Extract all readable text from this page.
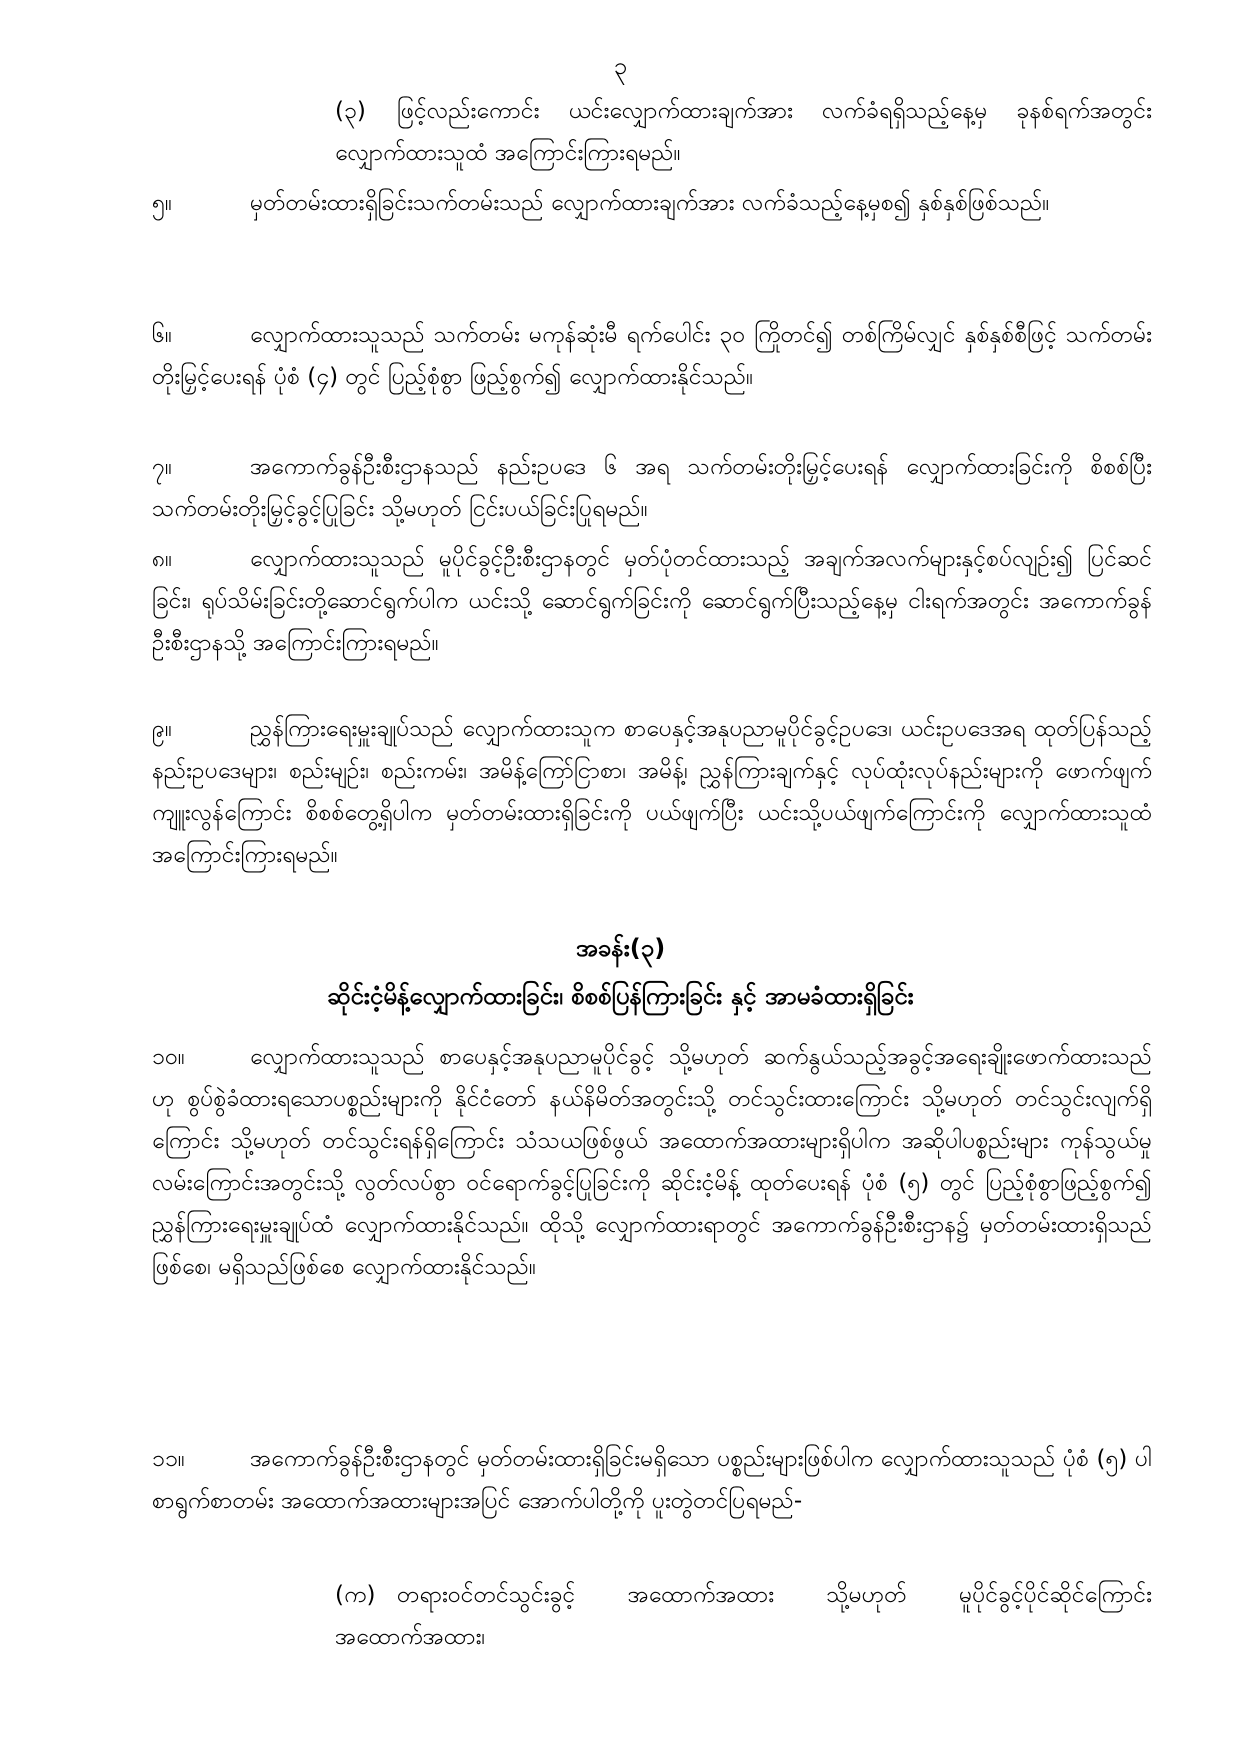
၃
(၃) ဖြင့်လည်းကောင်း ယင်းလျှောက်ထားချက်အား လက်ခံရရှိသည့်နေ့မှ ခုနစ်ရက်အတွင်း လျှောက်ထားသူထံ အကြောင်းကြားရမည်။
၅။	မှတ်တမ်းထားရှိခြင်းသက်တမ်းသည် လျှောက်ထားချက်အား လက်ခံသည့်နေ့မှစ၍ နှစ်နှစ်ဖြစ်သည်။
၆။	လျှောက်ထားသူသည် သက်တမ်း မကုန်ဆုံးမီ ရက်ပေါင်း ၃၀ ကြိုတင်၍ တစ်ကြိမ်လျှင် နှစ်နှစ်စီဖြင့် သက်တမ်းတိုးမြှင့်ပေးရန် ပုံစံ (၄) တွင် ပြည့်စုံစွာ ဖြည့်စွက်၍ လျှောက်ထားနိုင်သည်။
၇။	အကောက်ခွန်ဦးစီးဌာနသည် နည်းဥပဒေ ၆ အရ သက်တမ်းတိုးမြှင့်ပေးရန် လျှောက်ထားခြင်းကို စိစစ်ပြီး သက်တမ်းတိုးမြှင့်ခွင့်ပြုခြင်း သို့မဟုတ် ငြင်းပယ်ခြင်းပြုရမည်။
၈။	လျှောက်ထားသူသည် မူပိုင်ခွင့်ဦးစီးဌာနတွင် မှတ်ပုံတင်ထားသည့် အချက်အလက်များနှင့်စပ်လျဉ်း၍ ပြင်ဆင်ခြင်း၊ ရုပ်သိမ်းခြင်းတို့ဆောင်ရွက်ပါက ယင်းသို့ ဆောင်ရွက်ခြင်းကို ဆောင်ရွက်ပြီးသည့်နေ့မှ ငါးရက်အတွင်း အကောက်ခွန်ဦးစီးဌာနသို့ အကြောင်းကြားရမည်။
၉။	ညွှန်ကြားရေးမှူးချုပ်သည် လျှောက်ထားသူက စာပေနှင့်အနုပညာမူပိုင်ခွင့်ဥပဒေ၊ ယင်းဥပဒေအရ ထုတ်ပြန်သည့် နည်းဥပဒေများ၊ စည်းမျဉ်း၊ စည်းကမ်း၊ အမိန့်ကြော်ငြာစာ၊ အမိန့်၊ ညွှန်ကြားချက်နှင့် လုပ်ထုံးလုပ်နည်းများကို ဖောက်ဖျက်ကျူးလွန်ကြောင်း စိစစ်တွေ့ရှိပါက မှတ်တမ်းထားရှိခြင်းကို ပယ်ဖျက်ပြီး ယင်းသို့ပယ်ဖျက်ကြောင်းကို လျှောက်ထားသူထံ အကြောင်းကြားရမည်။
အခန်း(၃)
ဆိုင်းငံ့မိန့်လျှောက်ထားခြင်း၊ စိစစ်ပြန်ကြားခြင်း နှင့် အာမခံထားရှိခြင်း
၁၀။	လျှောက်ထားသူသည် စာပေနှင့်အနုပညာမူပိုင်ခွင့် သို့မဟုတ် ဆက်နွယ်သည့်အခွင့်အရေးချိုးဖောက်ထားသည်ဟု စွပ်စွဲခံထားရသောပစ္စည်းများကို နိုင်ငံတော် နယ်နိမိတ်အတွင်းသို့ တင်သွင်းထားကြောင်း သို့မဟုတ် တင်သွင်းလျက်ရှိကြောင်း သို့မဟုတ် တင်သွင်းရန်ရှိကြောင်း သံသယဖြစ်ဖွယ် အထောက်အထားများရှိပါက အဆိုပါပစ္စည်းများ ကုန်သွယ်မှုလမ်းကြောင်းအတွင်းသို့ လွတ်လပ်စွာ ဝင်ရောက်ခွင့်ပြုခြင်းကို ဆိုင်းငံ့မိန့် ထုတ်ပေးရန် ပုံစံ (၅) တွင် ပြည့်စုံစွာဖြည့်စွက်၍ ညွှန်ကြားရေးမှူးချုပ်ထံ လျှောက်ထားနိုင်သည်။ ထိုသို့ လျှောက်ထားရာတွင် အကောက်ခွန်ဦးစီးဌာန၌ မှတ်တမ်းထားရှိသည်ဖြစ်စေ၊ မရှိသည်ဖြစ်စေ လျှောက်ထားနိုင်သည်။
၁၁။	အကောက်ခွန်ဦးစီးဌာနတွင် မှတ်တမ်းထားရှိခြင်းမရှိသော ပစ္စည်းများဖြစ်ပါက လျှောက်ထားသူသည် ပုံစံ (၅) ပါ စာရွက်စာတမ်း အထောက်အထားများအပြင် အောက်ပါတို့ကို ပူးတွဲတင်ပြရမည်-
(က) တရားဝင်တင်သွင်းခွင့် အထောက်အထား သို့မဟုတ် မူပိုင်ခွင့်ပိုင်ဆိုင်ကြောင်း အထောက်အထား၊
